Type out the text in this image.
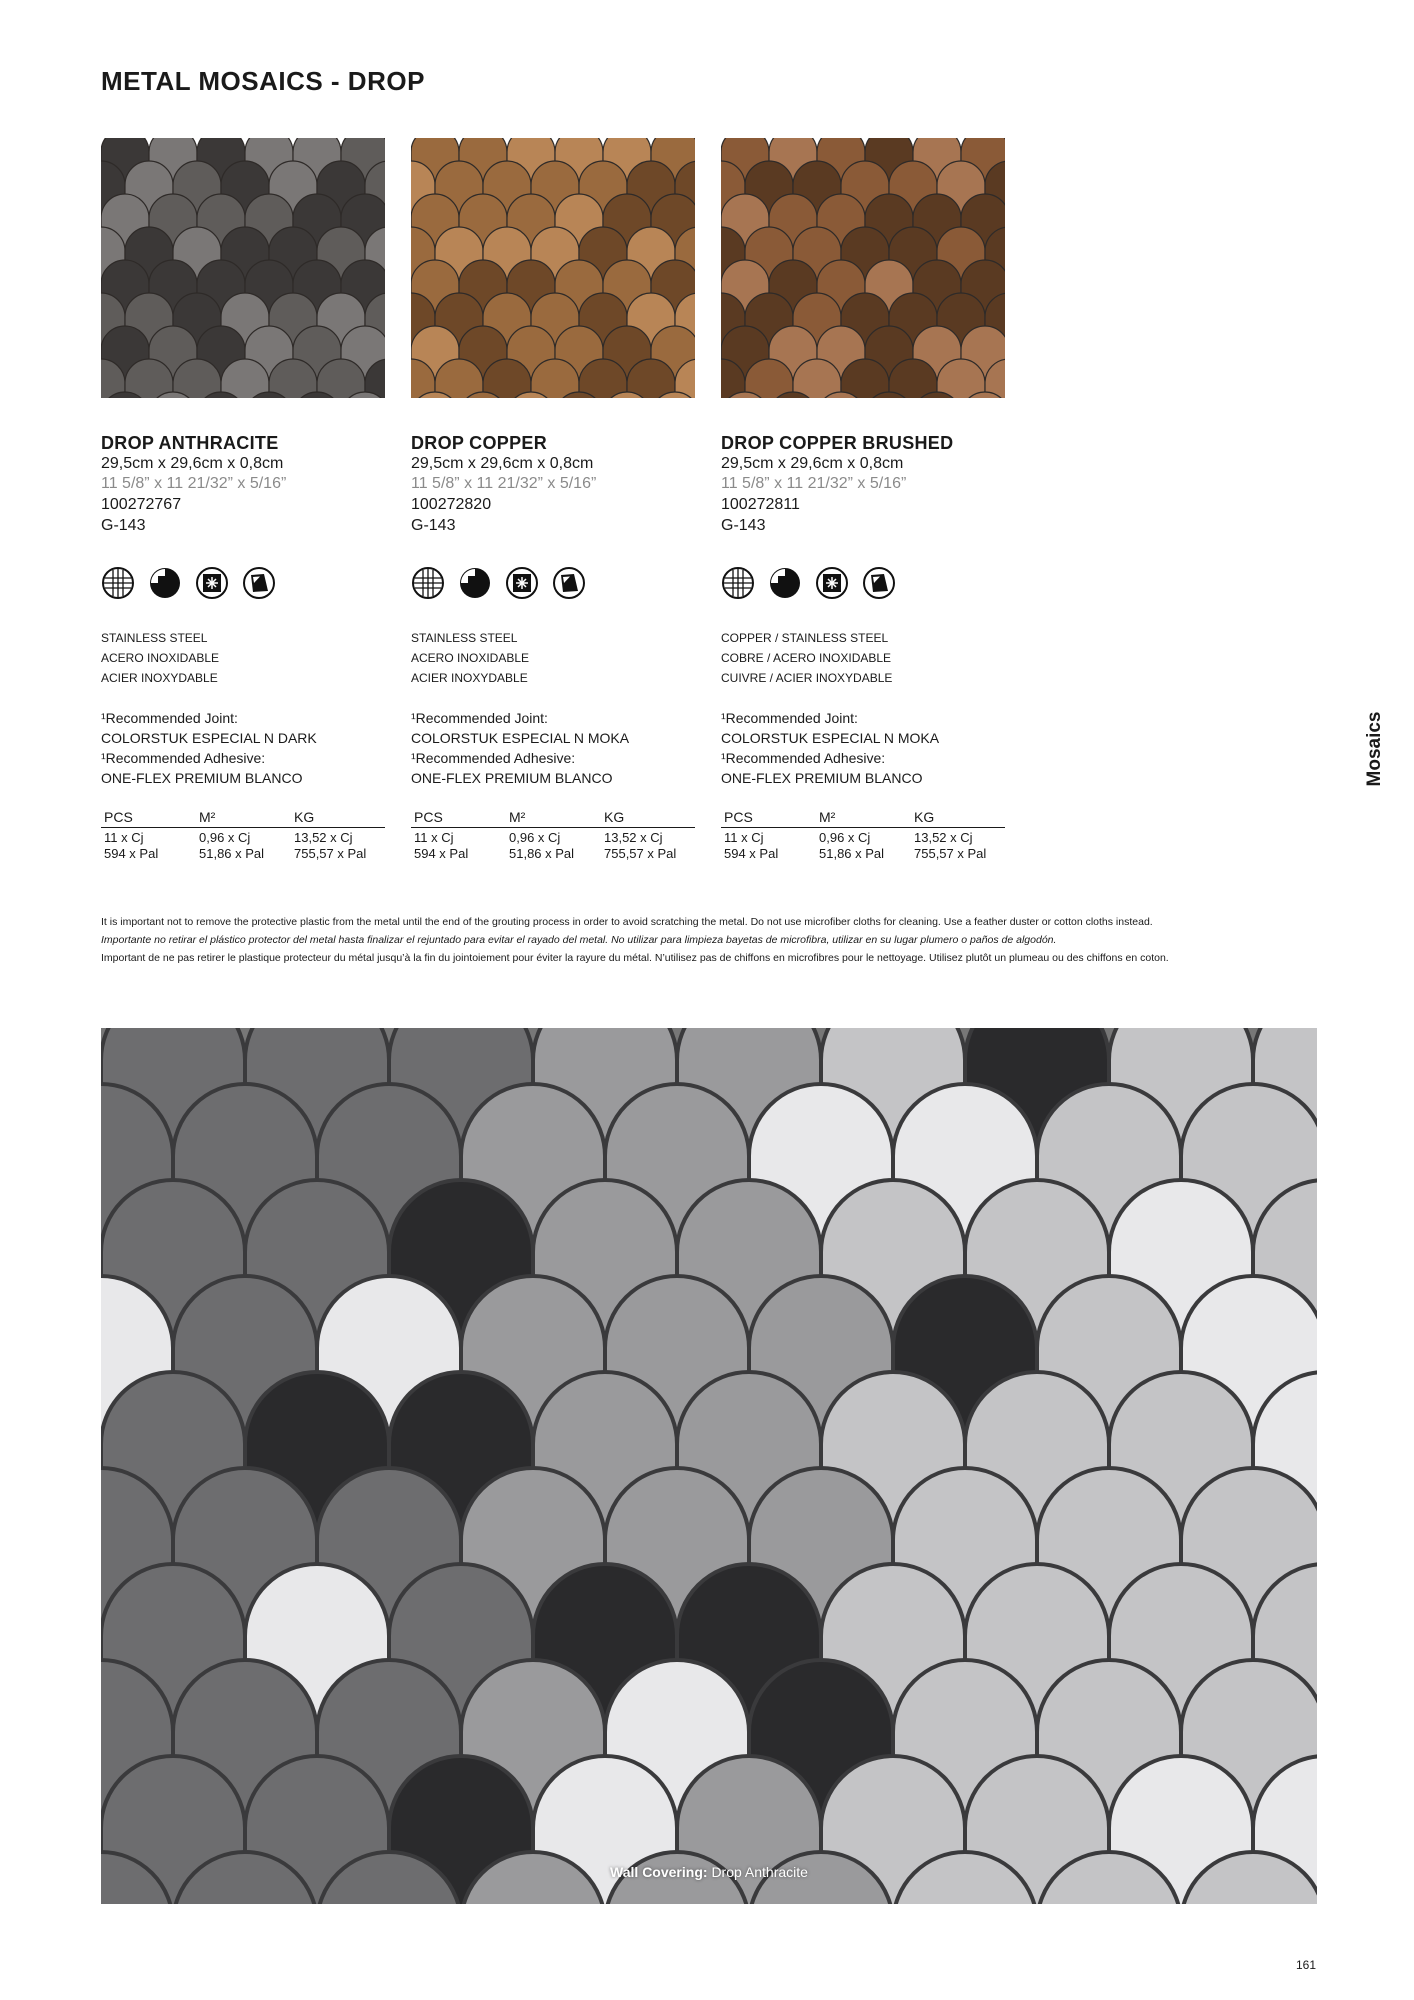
METAL MOSAICS - DROP
DROP ANTHRACITE
29,5cm x 29,6cm x 0,8cm
11 5/8” x 11 21/32” x 5/16”
100272767
G-143
STAINLESS STEEL
ACERO INOXIDABLE
ACIER INOXYDABLE
¹Recommended Joint:
COLORSTUK ESPECIAL N DARK
¹Recommended Adhesive:
ONE-FLEX PREMIUM BLANCO
PCS	M²	KG
11 x Cj	0,96 x Cj	13,52 x Cj
594 x Pal	51,86 x Pal	755,57 x Pal
DROP COPPER
29,5cm x 29,6cm x 0,8cm
11 5/8” x 11 21/32” x 5/16”
100272820
G-143
STAINLESS STEEL
ACERO INOXIDABLE
ACIER INOXYDABLE
¹Recommended Joint:
COLORSTUK ESPECIAL N MOKA
¹Recommended Adhesive:
ONE-FLEX PREMIUM BLANCO
PCS	M²	KG
11 x Cj	0,96 x Cj	13,52 x Cj
594 x Pal	51,86 x Pal	755,57 x Pal
DROP COPPER BRUSHED
29,5cm x 29,6cm x 0,8cm
11 5/8” x 11 21/32” x 5/16”
100272811
G-143
COPPER / STAINLESS STEEL
COBRE / ACERO INOXIDABLE
CUIVRE / ACIER INOXYDABLE
¹Recommended Joint:
COLORSTUK ESPECIAL N MOKA
¹Recommended Adhesive:
ONE-FLEX PREMIUM BLANCO
PCS	M²	KG
11 x Cj	0,96 x Cj	13,52 x Cj
594 x Pal	51,86 x Pal	755,57 x Pal
It is important not to remove the protective plastic from the metal until the end of the grouting process in order to avoid scratching the metal. Do not use microfiber cloths for cleaning. Use a feather duster or cotton cloths instead.
Importante no retirar el plástico protector del metal hasta finalizar el rejuntado para evitar el rayado del metal. No utilizar para limpieza bayetas de microfibra, utilizar en su lugar plumero o paños de algodón.
Important de ne pas retirer le plastique protecteur du métal jusqu’à la fin du jointoiement pour éviter la rayure du métal. N’utilisez pas de chiffons en microfibres pour le nettoyage. Utilisez plutôt un plumeau ou des chiffons en coton.
Wall Covering: Drop Anthracite
Mosaics
161
